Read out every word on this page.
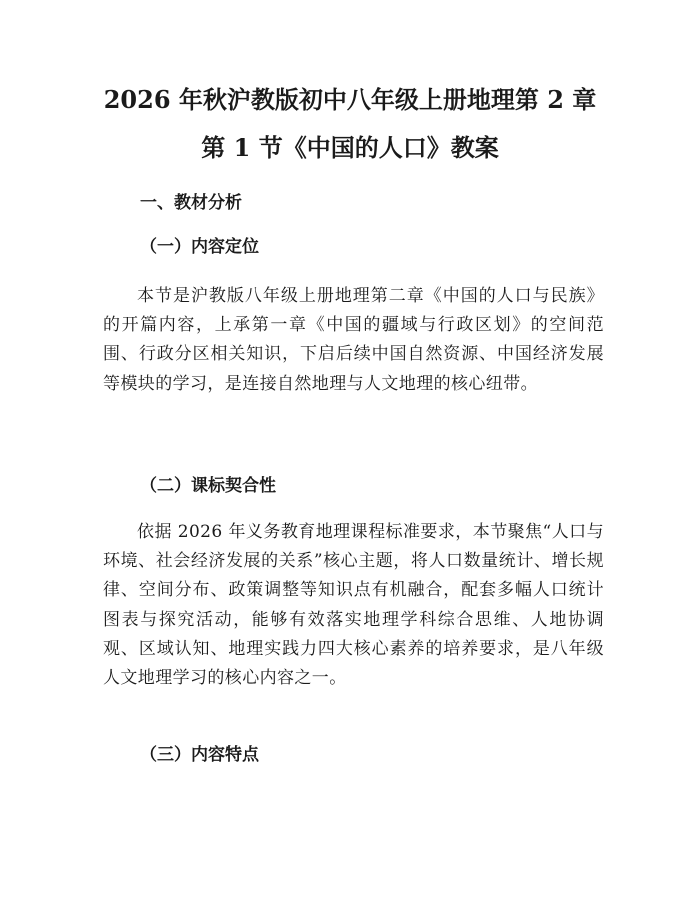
2026 年秋沪教版初中八年级上册地理第 2 章
第 1 节《中国的人口》教案
一、教材分析
（一）内容定位

本节是沪教版八年级上册地理第二章《中国的人口与民族》的开篇内容，上承第一章《中国的疆域与行政区划》的空间范围、行政分区相关知识，下启后续中国自然资源、中国经济发展等模块的学习，是连接自然地理与人文地理的核心纽带。

（二）课标契合性

依据 2026 年义务教育地理课程标准要求，本节聚焦“人口与环境、社会经济发展的关系”核心主题，将人口数量统计、增长规律、空间分布、政策调整等知识点有机融合，配套多幅人口统计图表与探究活动，能够有效落实地理学科综合思维、人地协调观、区域认知、地理实践力四大核心素养的培养要求，是八年级人文地理学习的核心内容之一。

（三）内容特点
